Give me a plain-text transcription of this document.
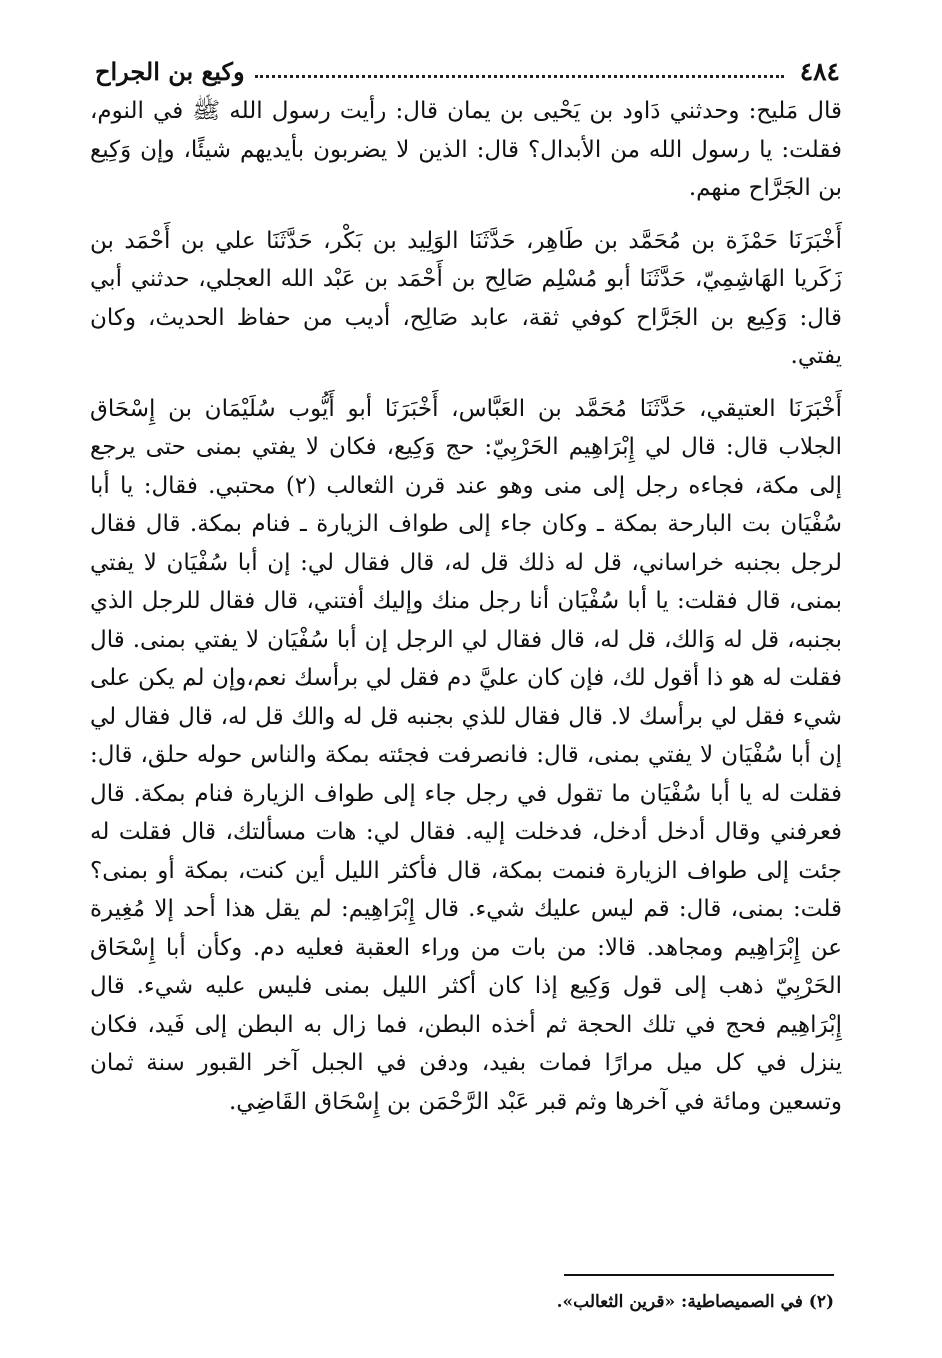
٤٨٤
وكيع بن الجراح

قال مَليح: وحدثني دَاود بن يَحْيى بن يمان قال: رأيت رسول الله ﷺ في النوم، فقلت: يا رسول الله من الأبدال؟ قال: الذين لا يضربون بأيديهم شيئًا، وإن وَكِيع بن الجَرَّاح منهم.

أَخْبَرَنَا حَمْزَة بن مُحَمَّد بن طَاهِر، حَدَّثَنَا الوَلِيد بن بَكْر، حَدَّثَنَا علي بن أَحْمَد بن زَكَريا الهَاشِمِيّ، حَدَّثَنَا أبو مُسْلِم صَالِح بن أَحْمَد بن عَبْد الله العجلي، حدثني أبي قال: وَكِيع بن الجَرَّاح كوفي ثقة، عابد صَالِح، أديب من حفاظ الحديث، وكان يفتي.

أَخْبَرَنَا العتيقي، حَدَّثَنَا مُحَمَّد بن العَبَّاس، أَخْبَرَنَا أبو أَيُّوب سُلَيْمَان بن إِسْحَاق الجلاب قال: قال لي إِبْرَاهِيم الحَرْبِيّ: حج وَكِيع، فكان لا يفتي بمنى حتى يرجع إلى مكة، فجاءه رجل إلى منى وهو عند قرن الثعالب (٢) محتبي. فقال: يا أبا سُفْيَان بت البارحة بمكة ـ وكان جاء إلى طواف الزيارة ـ فنام بمكة. قال فقال لرجل بجنبه خراساني، قل له ذلك قل له، قال فقال لي: إن أبا سُفْيَان لا يفتي بمنى، قال فقلت: يا أبا سُفْيَان أنا رجل منك وإليك أفتني، قال فقال للرجل الذي بجنبه، قل له وَالك، قل له، قال فقال لي الرجل إن أبا سُفْيَان لا يفتي بمنى. قال فقلت له هو ذا أقول لك، فإن كان عليَّ دم فقل لي برأسك نعم،وإن لم يكن على شيء فقل لي برأسك لا. قال فقال للذي بجنبه قل له والك قل له، قال فقال لي إن أبا سُفْيَان لا يفتي بمنى، قال: فانصرفت فجئته بمكة والناس حوله حلق، قال: فقلت له يا أبا سُفْيَان ما تقول في رجل جاء إلى طواف الزيارة فنام بمكة. قال فعرفني وقال أدخل أدخل، فدخلت إليه. فقال لي: هات مسألتك، قال فقلت له جئت إلى طواف الزيارة فنمت بمكة، قال فأكثر الليل أين كنت، بمكة أو بمنى؟ قلت: بمنى، قال: قم ليس عليك شيء. قال إِبْرَاهِيم: لم يقل هذا أحد إلا مُغِيرة عن إِبْرَاهِيم ومجاهد. قالا: من بات من وراء العقبة فعليه دم. وكأن أبا إِسْحَاق الحَرْبِيّ ذهب إلى قول وَكِيع إذا كان أكثر الليل بمنى فليس عليه شيء. قال إِبْرَاهِيم فحج في تلك الحجة ثم أخذه البطن، فما زال به البطن إلى فَيد، فكان ينزل في كل ميل مرارًا فمات بفيد، ودفن في الجبل آخر القبور سنة ثمان وتسعين ومائة في آخرها وثم قبر عَبْد الرَّحْمَن بن إِسْحَاق القَاضِي.

(٢) في الصميصاطية: «قرين الثعالب».
